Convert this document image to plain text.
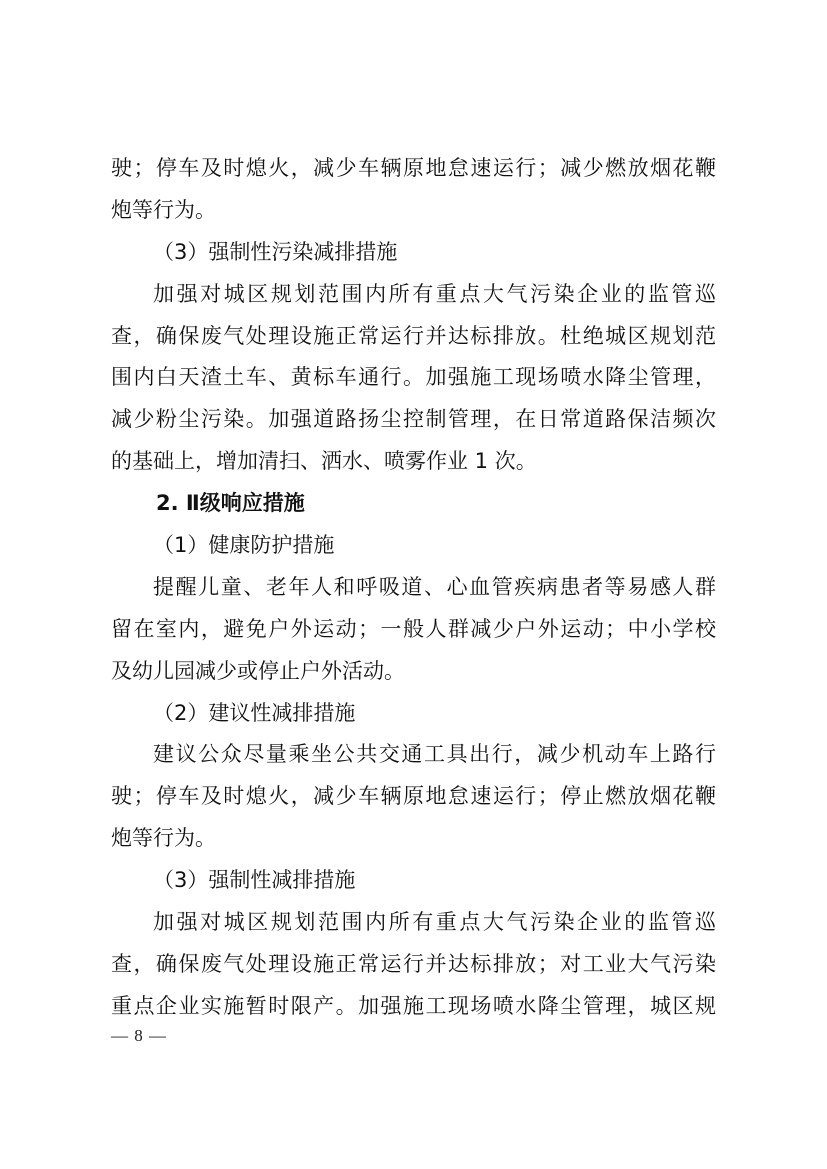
驶；停车及时熄火，减少车辆原地怠速运行；减少燃放烟花鞭
炮等行为。
（3）强制性污染减排措施
加强对城区规划范围内所有重点大气污染企业的监管巡
查，确保废气处理设施正常运行并达标排放。杜绝城区规划范
围内白天渣土车、黄标车通行。加强施工现场喷水降尘管理，
减少粉尘污染。加强道路扬尘控制管理，在日常道路保洁频次
的基础上，增加清扫、洒水、喷雾作业 1 次。
2. Ⅱ级响应措施
（1）健康防护措施
提醒儿童、老年人和呼吸道、心血管疾病患者等易感人群
留在室内，避免户外运动；一般人群减少户外运动；中小学校
及幼儿园减少或停止户外活动。
（2）建议性减排措施
建议公众尽量乘坐公共交通工具出行，减少机动车上路行
驶；停车及时熄火，减少车辆原地怠速运行；停止燃放烟花鞭
炮等行为。
（3）强制性减排措施
加强对城区规划范围内所有重点大气污染企业的监管巡
查，确保废气处理设施正常运行并达标排放；对工业大气污染
重点企业实施暂时限产。加强施工现场喷水降尘管理，城区规
— 8 —
